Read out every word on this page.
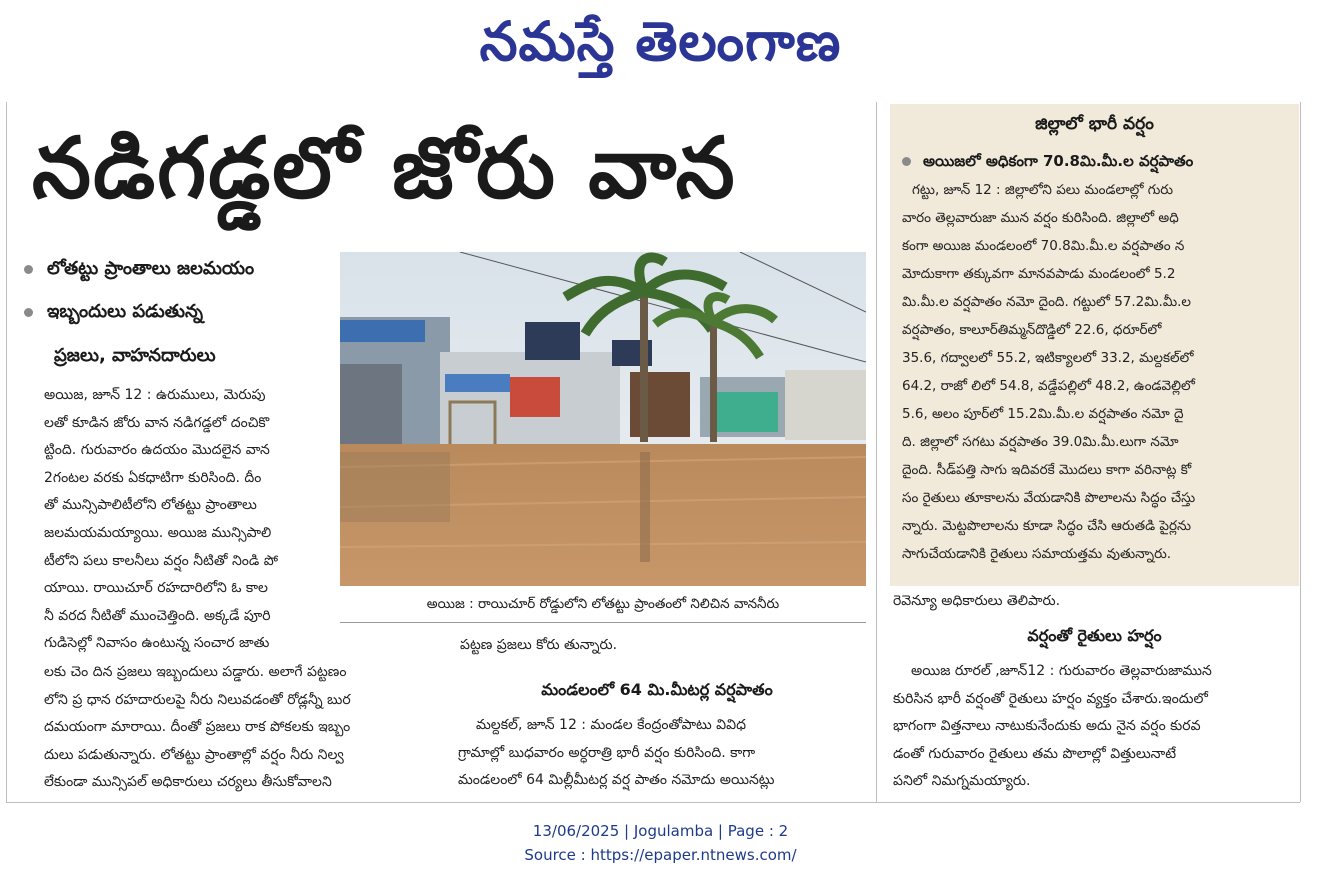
నమస్తే తెలంగాణ
నడిగడ్డలో జోరు వాన
లోతట్టు ప్రాంతాలు జలమయం
ఇబ్బందులు పడుతున్న
ప్రజలు, వాహనదారులు
అయిజ, జూన్ 12 : ఉరుములు, మెరుపు
లతో కూడిన జోరు వాన నడిగడ్డలో దంచికొ
ట్టింది. గురువారం ఉదయం మొదలైన వాన
2గంటల వరకు ఏకధాటిగా కురిసింది. దీం
తో మున్సిపాలిటీలోని లోతట్టు ప్రాంతాలు
జలమయమయ్యాయి. అయిజ మున్సిపాలి
టీలోని పలు కాలనీలు వర్షం నీటితో నిండి పో
యాయి. రాయిచూర్ రహదారిలోని ఓ కాల
నీ వరద నీటితో ముంచెత్తింది. అక్కడే పూరి
గుడిసెల్లో నివాసం ఉంటున్న సంచార జాతు
లకు చెం దిన ప్రజలు ఇబ్బందులు పడ్డారు. అలాగే పట్టణం
లోని ప్ర ధాన రహదారులపై నీరు నిలువడంతో రోడ్లన్నీ బుర
దమయంగా మారాయి. దీంతో ప్రజలు రాక పోకలకు ఇబ్బం
దులు పడుతున్నారు. లోతట్టు ప్రాంతాల్లో వర్షం నీరు నిల్వ
లేకుండా మున్సిపల్ అధికారులు చర్యలు తీసుకోవాలని
అయిజ : రాయిచూర్ రోడ్డులోని లోతట్టు ప్రాంతంలో నిలిచిన వాననీరు
పట్టణ ప్రజలు కోరు తున్నారు.
మండలంలో 64 మి.మీటర్ల వర్షపాతం
మల్దకల్, జూన్ 12 : మండల కేంద్రంతోపాటు వివిధ
గ్రామాల్లో బుధవారం అర్ధరాత్రి భారీ వర్షం కురిసింది. కాగా
మండలంలో 64 మిల్లీమీటర్ల వర్ష పాతం నమోదు అయినట్లు
జిల్లాలో భారీ వర్షం
అయిజలో అధికంగా 70.8మి.మీ.ల వర్షపాతం
గట్టు, జూన్ 12 : జిల్లాలోని పలు మండలాల్లో గురు
వారం తెల్లవారుజా మున వర్షం కురిసింది. జిల్లాలో అధి
కంగా అయిజ మండలంలో 70.8మి.మీ.ల వర్షపాతం న
మోదుకాగా తక్కువగా మానవపాడు మండలంలో 5.2
మి.మీ.ల వర్షపాతం నమో దైంది. గట్టులో 57.2మి.మీ.ల
వర్షపాతం, కాలూర్‌తిమ్మన్‌దొడ్డిలో 22.6, ధరూర్‌లో
35.6, గద్వాలలో 55.2, ఇటిక్యాలలో 33.2, మల్దకల్‌లో
64.2, రాజో లిలో 54.8, వడ్డేపల్లిలో 48.2, ఉండవెల్లిలో
5.6, అలం పూర్‌లో 15.2మి.మీ.ల వర్షపాతం నమో దై
ది. జిల్లాలో సగటు వర్షపాతం 39.0మి.మీ.లుగా నమో
దైంది. సీడ్‌పత్తి సాగు ఇదివరకే మొదలు కాగా వరినాట్ల కో
సం రైతులు తూకాలను వేయడానికి పొలాలను సిద్ధం చేస్తు
న్నారు. మెట్టపొలాలను కూడా సిద్ధం చేసి ఆరుతడి పైర్లను
సాగుచేయడానికి రైతులు సమాయత్తమ వుతున్నారు.
రెవెన్యూ అధికారులు తెలిపారు.
వర్షంతో రైతులు హర్షం
అయిజ రూరల్ ,జూన్12 : గురువారం తెల్లవారుజామున
కురిసిన భారీ వర్షంతో రైతులు హర్షం వ్యక్తం చేశారు.ఇందులో
భాగంగా విత్తనాలు నాటుకునేందుకు అదు నైన వర్షం కురవ
డంతో గురువారం రైతులు తమ పొలాల్లో విత్తులునాటే
పనిలో నిమగ్నమయ్యారు.
13/06/2025 | Jogulamba | Page : 2
Source : https://epaper.ntnews.com/
